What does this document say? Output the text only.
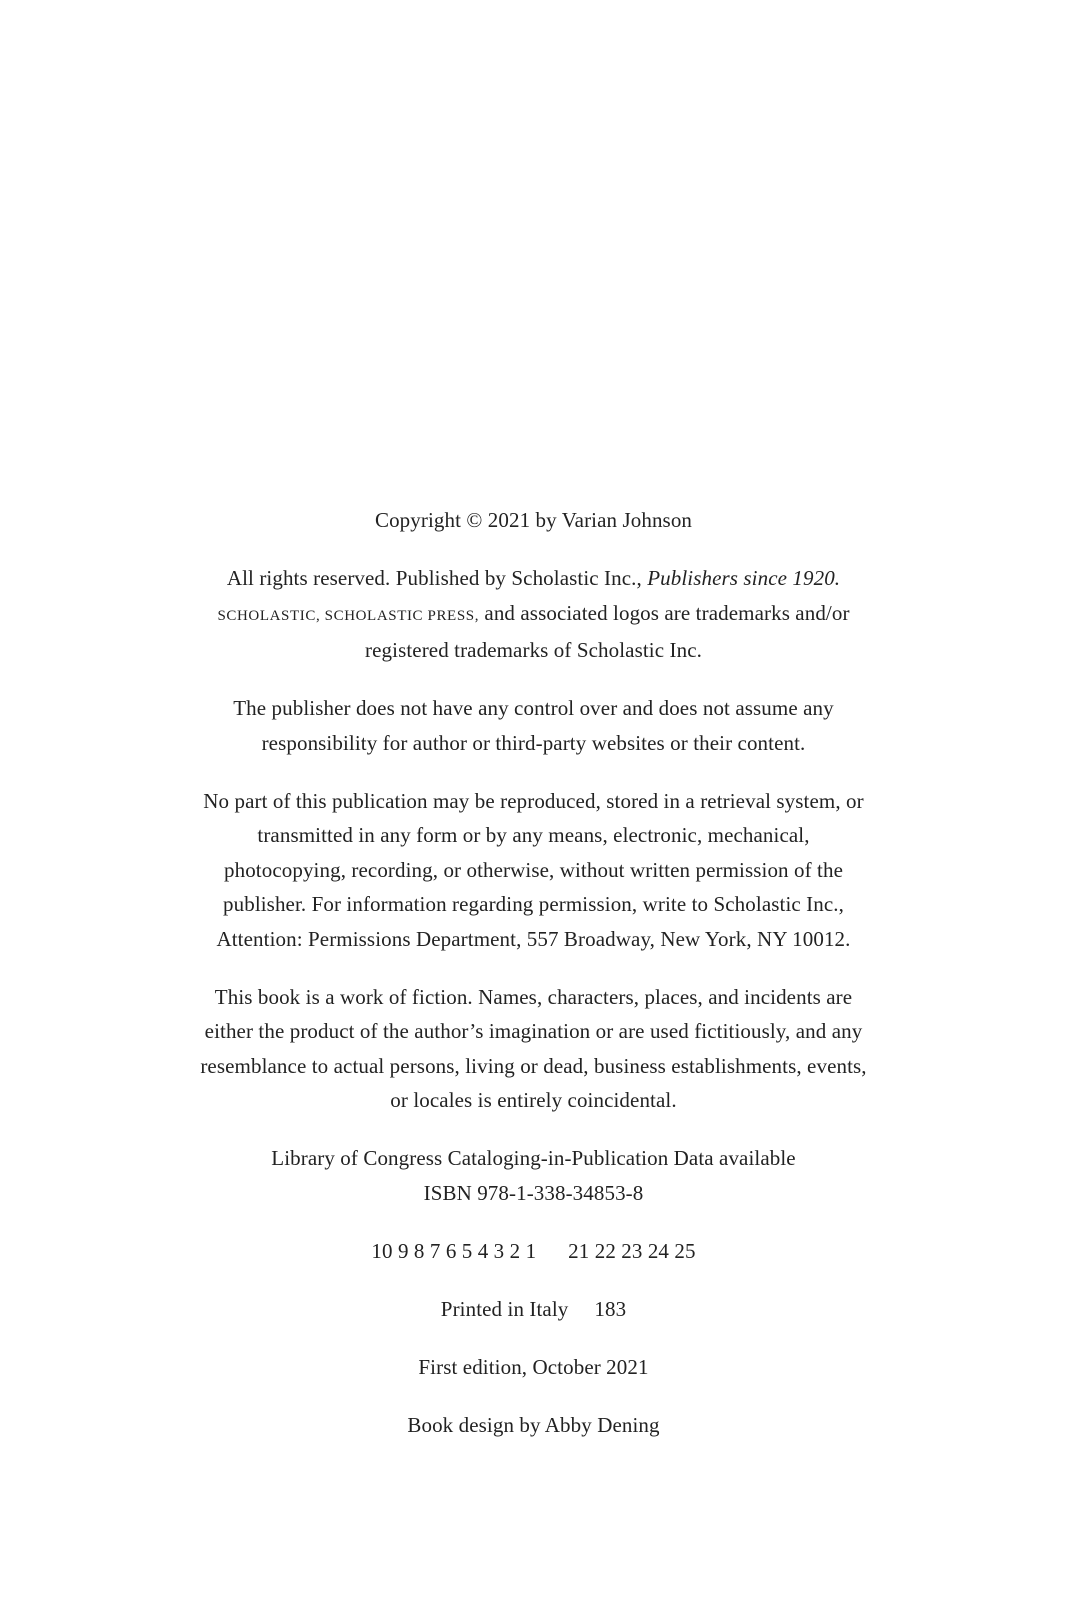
Copyright © 2021 by Varian Johnson

All rights reserved. Published by Scholastic Inc., Publishers since 1920.
SCHOLASTIC, SCHOLASTIC PRESS, and associated logos are trademarks and/or
registered trademarks of Scholastic Inc.

The publisher does not have any control over and does not assume any
responsibility for author or third-party websites or their content.

No part of this publication may be reproduced, stored in a retrieval system, or
transmitted in any form or by any means, electronic, mechanical,
photocopying, recording, or otherwise, without written permission of the
publisher. For information regarding permission, write to Scholastic Inc.,
Attention: Permissions Department, 557 Broadway, New York, NY 10012.

This book is a work of fiction. Names, characters, places, and incidents are
either the product of the author’s imagination or are used fictitiously, and any
resemblance to actual persons, living or dead, business establishments, events,
or locales is entirely coincidental.

Library of Congress Cataloging-in-Publication Data available
ISBN 978-1-338-34853-8

10 9 8 7 6 5 4 3 2 1 21 22 23 24 25

Printed in Italy 183

First edition, October 2021

Book design by Abby Dening
